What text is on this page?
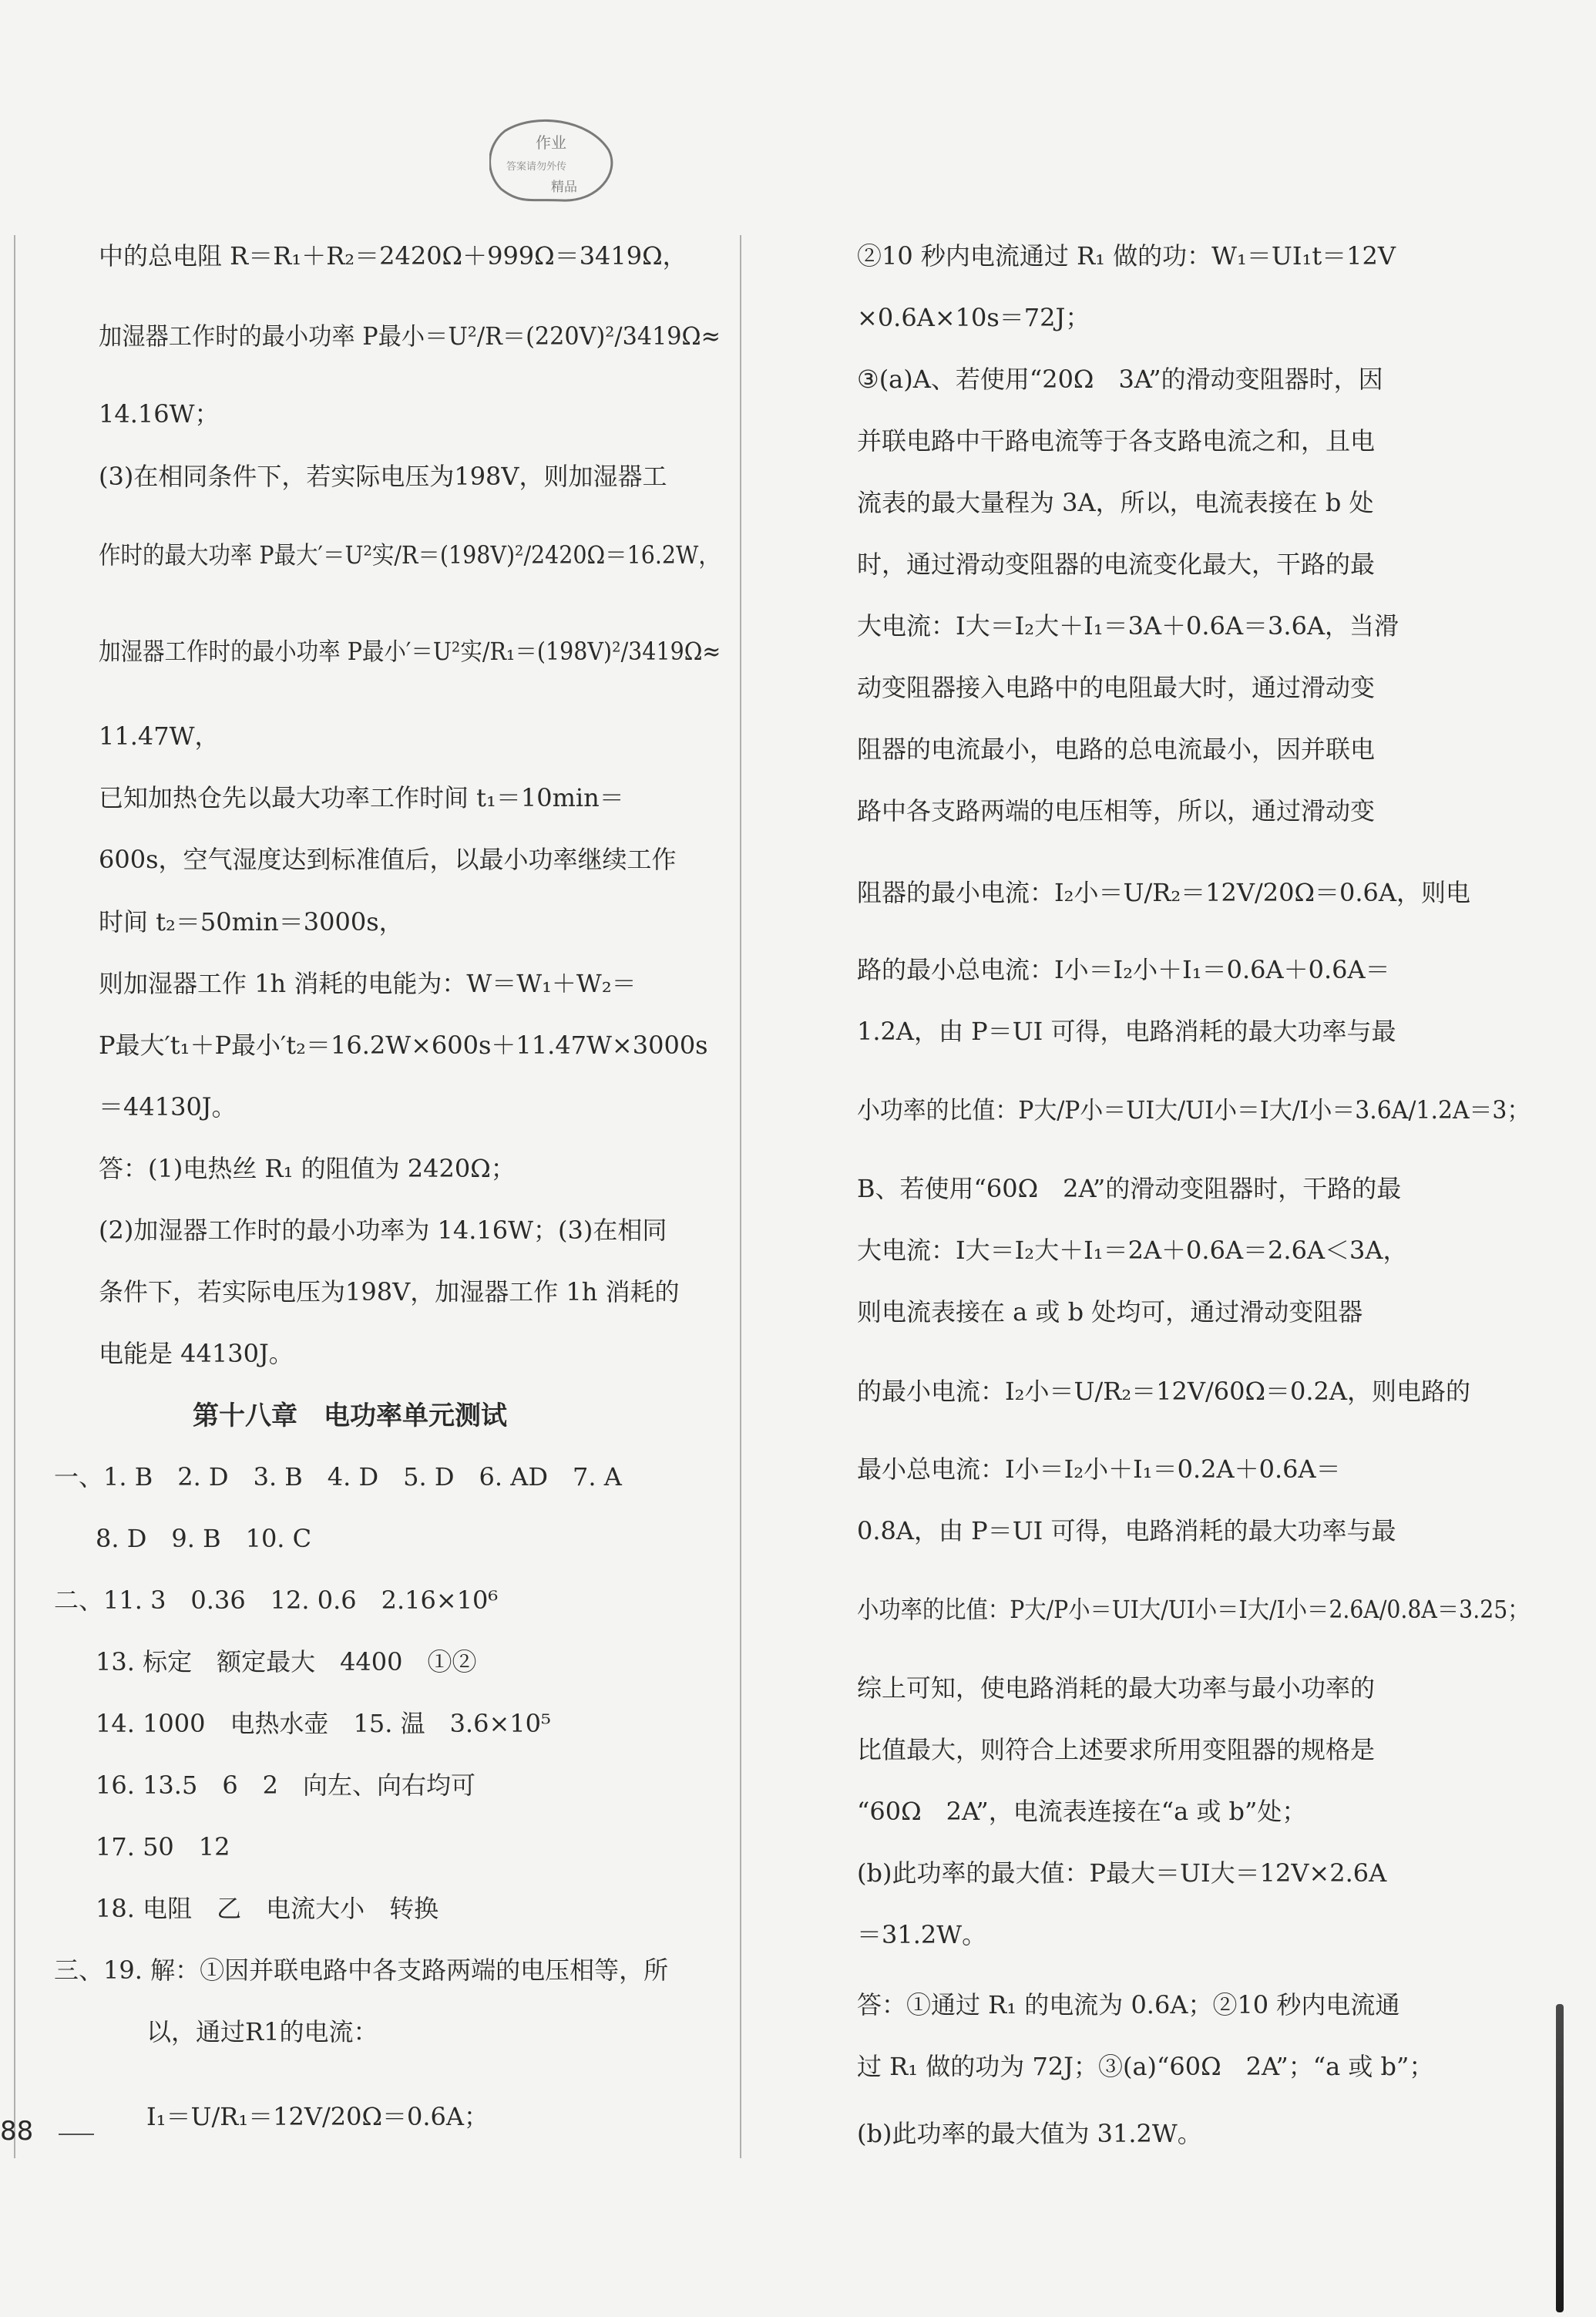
作业
答案请勿外传
精品
中的总电阻 R＝R₁＋R₂＝2420Ω＋999Ω＝3419Ω，
加湿器工作时的最小功率 P最小＝U²/R＝(220V)²/3419Ω≈
14.16W；
(3)在相同条件下，若实际电压为198V，则加湿器工
作时的最大功率 P最大′＝U²实/R＝(198V)²/2420Ω＝16.2W，
加湿器工作时的最小功率 P最小′＝U²实/R₁＝(198V)²/3419Ω≈
11.47W，
已知加热仓先以最大功率工作时间 t₁＝10min＝
600s，空气湿度达到标准值后，以最小功率继续工作
时间 t₂＝50min＝3000s，
则加湿器工作 1h 消耗的电能为：W＝W₁＋W₂＝
P最大′t₁＋P最小′t₂＝16.2W×600s＋11.47W×3000s
＝44130J。
答：(1)电热丝 R₁ 的阻值为 2420Ω；
(2)加湿器工作时的最小功率为 14.16W；(3)在相同
条件下，若实际电压为198V，加湿器工作 1h 消耗的
电能是 44130J。
第十八章　电功率单元测试
一、1. B　2. D　3. B　4. D　5. D　6. AD　7. A
8. D　9. B　10. C
二、11. 3　0.36　12. 0.6　2.16×10⁶
13. 标定　额定最大　4400　①②
14. 1000　电热水壶　15. 温　3.6×10⁵
16. 13.5　6　2　向左、向右均可
17. 50　12
18. 电阻　乙　电流大小　转换
三、19. 解：①因并联电路中各支路两端的电压相等，所
以，通过R1的电流：
I₁＝U/R₁＝12V/20Ω＝0.6A；
②10 秒内电流通过 R₁ 做的功：W₁＝UI₁t＝12V
×0.6A×10s＝72J；
③(a)A、若使用“20Ω　3A”的滑动变阻器时，因
并联电路中干路电流等于各支路电流之和，且电
流表的最大量程为 3A，所以，电流表接在 b 处
时，通过滑动变阻器的电流变化最大，干路的最
大电流：I大＝I₂大＋I₁＝3A＋0.6A＝3.6A，当滑
动变阻器接入电路中的电阻最大时，通过滑动变
阻器的电流最小，电路的总电流最小，因并联电
路中各支路两端的电压相等，所以，通过滑动变
阻器的最小电流：I₂小＝U/R₂＝12V/20Ω＝0.6A，则电
路的最小总电流：I小＝I₂小＋I₁＝0.6A＋0.6A＝
1.2A，由 P＝UI 可得，电路消耗的最大功率与最
小功率的比值：P大/P小＝UI大/UI小＝I大/I小＝3.6A/1.2A＝3；
B、若使用“60Ω　2A”的滑动变阻器时，干路的最
大电流：I大＝I₂大＋I₁＝2A＋0.6A＝2.6A＜3A，
则电流表接在 a 或 b 处均可，通过滑动变阻器
的最小电流：I₂小＝U/R₂＝12V/60Ω＝0.2A，则电路的
最小总电流：I小＝I₂小＋I₁＝0.2A＋0.6A＝
0.8A，由 P＝UI 可得，电路消耗的最大功率与最
小功率的比值：P大/P小＝UI大/UI小＝I大/I小＝2.6A/0.8A＝3.25；
综上可知，使电路消耗的最大功率与最小功率的
比值最大，则符合上述要求所用变阻器的规格是
“60Ω　2A”，电流表连接在“a 或 b”处；
(b)此功率的最大值：P最大＝UI大＝12V×2.6A
＝31.2W。
答：①通过 R₁ 的电流为 0.6A；②10 秒内电流通
过 R₁ 做的功为 72J；③(a)“60Ω　2A”；“a 或 b”；
(b)此功率的最大值为 31.2W。
88
